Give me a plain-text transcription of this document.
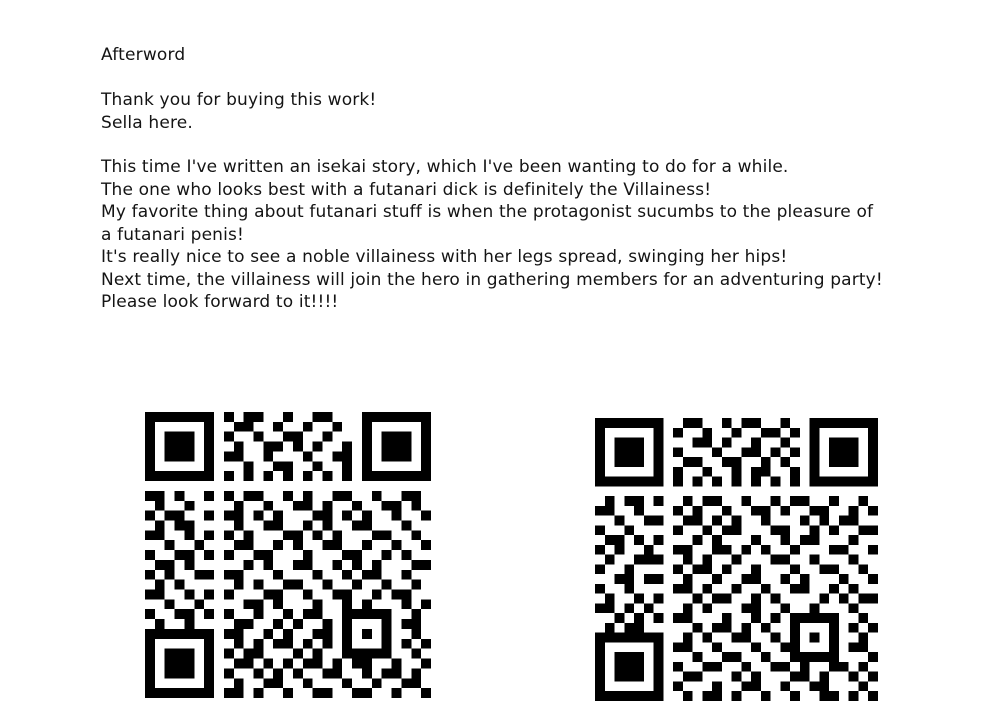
Afterword
Thank you for buying this work!
Sella here.
This time I've written an isekai story, which I've been wanting to do for a while.
The one who looks best with a futanari dick is definitely the Villainess!
My favorite thing about futanari stuff is when the protagonist sucumbs to the pleasure of
a futanari penis!
It's really nice to see a noble villainess with her legs spread, swinging her hips!
Next time, the villainess will join the hero in gathering members for an adventuring party!
Please look forward to it!!!!
